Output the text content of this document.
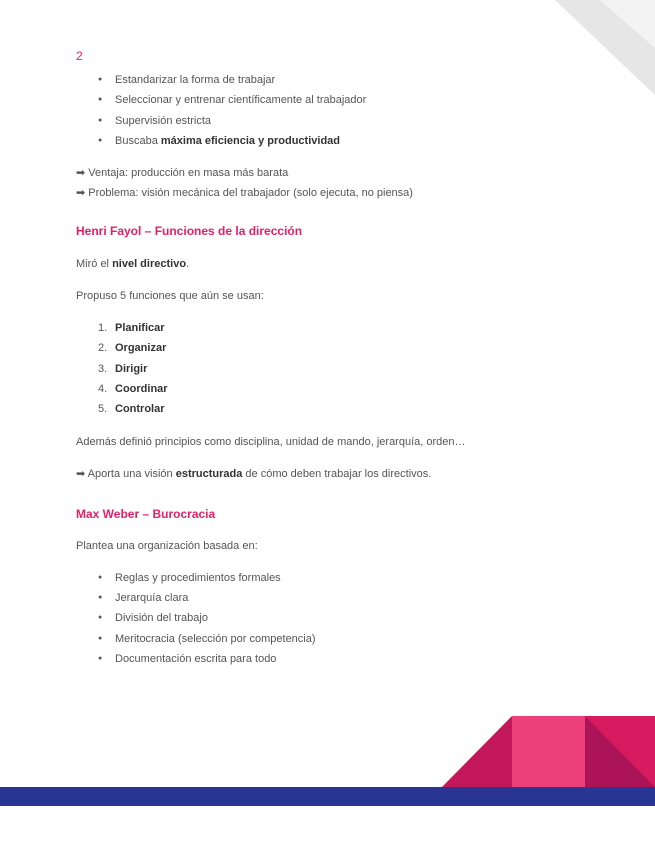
2
● Estandarizar la forma de trabajar
● Seleccionar y entrenar científicamente al trabajador
● Supervisión estricta
● Buscaba máxima eficiencia y productividad

➡ Ventaja: producción en masa más barata

➡ Problema: visión mecánica del trabajador (solo ejecuta, no piensa)

Henri Fayol – Funciones de la dirección

Miró el nivel directivo.

Propuso 5 funciones que aún se usan:

1. Planificar
2. Organizar
3. Dirigir
4. Coordinar
5. Controlar

Además definió principios como disciplina, unidad de mando, jerarquía, orden…

➡ Aporta una visión estructurada de cómo deben trabajar los directivos.

Max Weber – Burocracia

Plantea una organización basada en:

● Reglas y procedimientos formales
● Jerarquía clara
● División del trabajo
● Meritocracia (selección por competencia)
● Documentación escrita para todo
